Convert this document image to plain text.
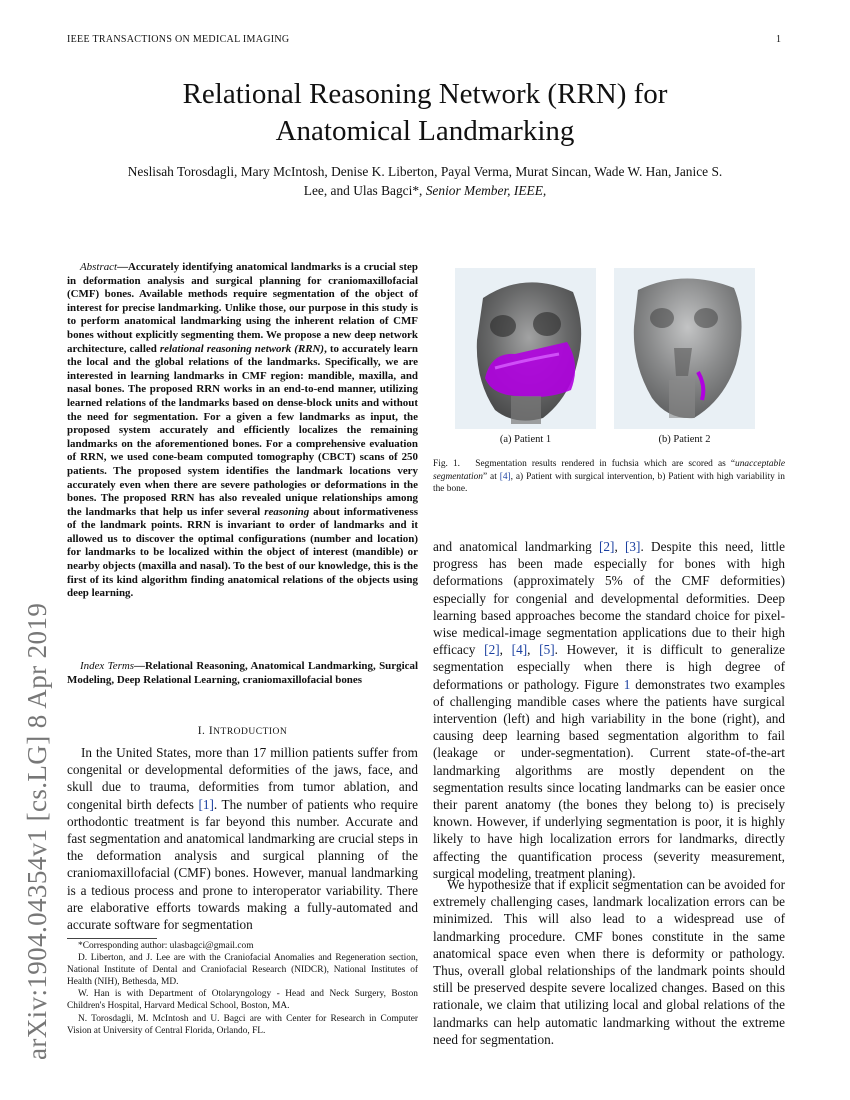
IEEE TRANSACTIONS ON MEDICAL IMAGING	1
Relational Reasoning Network (RRN) for
Anatomical Landmarking
Neslisah Torosdagli, Mary McIntosh, Denise K. Liberton, Payal Verma, Murat Sincan, Wade W. Han, Janice S.
Lee, and Ulas Bagci*, Senior Member, IEEE,
arXiv:1904.04354v1 [cs.LG] 8 Apr 2019
Abstract—Accurately identifying anatomical landmarks is a crucial step in deformation analysis and surgical planning for craniomaxillofacial (CMF) bones. Available methods require segmentation of the object of interest for precise landmarking. Unlike those, our purpose in this study is to perform anatomical landmarking using the inherent relation of CMF bones without explicitly segmenting them. We propose a new deep network architecture, called relational reasoning network (RRN), to accurately learn the local and the global relations of the landmarks. Specifically, we are interested in learning landmarks in CMF region: mandible, maxilla, and nasal bones. The proposed RRN works in an end-to-end manner, utilizing learned relations of the landmarks based on dense-block units and without the need for segmentation. For a given a few landmarks as input, the proposed system accurately and efficiently localizes the remaining landmarks on the aforementioned bones. For a comprehensive evaluation of RRN, we used cone-beam computed tomography (CBCT) scans of 250 patients. The proposed system identifies the landmark locations very accurately even when there are severe pathologies or deformations in the bones. The proposed RRN has also revealed unique relationships among the landmarks that help us infer several reasoning about informativeness of the landmark points. RRN is invariant to order of landmarks and it allowed us to discover the optimal configurations (number and location) for landmarks to be localized within the object of interest (mandible) or nearby objects (maxilla and nasal). To the best of our knowledge, this is the first of its kind algorithm finding anatomical relations of the objects using deep learning.
Index Terms—Relational Reasoning, Anatomical Landmarking, Surgical Modeling, Deep Relational Learning, craniomaxillofacial bones
I. INTRODUCTION
In the United States, more than 17 million patients suffer from congenital or developmental deformities of the jaws, face, and skull due to trauma, deformities from tumor ablation, and congenital birth defects [1]. The number of patients who require orthodontic treatment is far beyond this number. Accurate and fast segmentation and anatomical landmarking are crucial steps in the deformation analysis and surgical planning of the craniomaxillofacial (CMF) bones. However, manual landmarking is a tedious process and prone to interoperator variability. There are elaborative efforts towards making a fully-automated and accurate software for segmentation

*Corresponding author: ulasbagci@gmail.com

D. Liberton, and J. Lee are with the Craniofacial Anomalies and Regeneration section, National Institute of Dental and Craniofacial Research (NIDCR), National Institutes of Health (NIH), Bethesda, MD.

W. Han is with Department of Otolaryngology - Head and Neck Surgery, Boston Children's Hospital, Harvard Medical School, Boston, MA.

N. Torosdagli, M. McIntosh and U. Bagci are with Center for Research in Computer Vision at University of Central Florida, Orlando, FL.

(a) Patient 1	(b) Patient 2
Fig. 1. Segmentation results rendered in fuchsia which are scored as “unacceptable segmentation” at [4], a) Patient with surgical intervention, b) Patient with high variability in the bone.
and anatomical landmarking [2], [3]. Despite this need, little progress has been made especially for bones with high deformations (approximately 5% of the CMF deformities) especially for congenial and developmental deformities. Deep learning based approaches become the standard choice for pixel-wise medical-image segmentation applications due to their high efficacy [2], [4], [5]. However, it is difficult to generalize segmentation especially when there is high degree of deformations or pathology. Figure 1 demonstrates two examples of challenging mandible cases where the patients have surgical intervention (left) and high variability in the bone (right), and causing deep learning based segmentation algorithm to fail (leakage or under-segmentation). Current state-of-the-art landmarking algorithms are mostly dependent on the segmentation results since locating landmarks can be easier once their parent anatomy (the bones they belong to) is precisely known. However, if underlying segmentation is poor, it is highly likely to have high localization errors for landmarks, directly affecting the quantification process (severity measurement, surgical modeling, treatment planing).
We hypothesize that if explicit segmentation can be avoided for extremely challenging cases, landmark localization errors can be minimized. This will also lead to a widespread use of landmarking procedure. CMF bones constitute in the same anatomical space even when there is deformity or pathology. Thus, overall global relationships of the landmark points should still be preserved despite severe localized changes. Based on this rationale, we claim that utilizing local and global relations of the landmarks can help automatic landmarking without the extreme need for segmentation.
